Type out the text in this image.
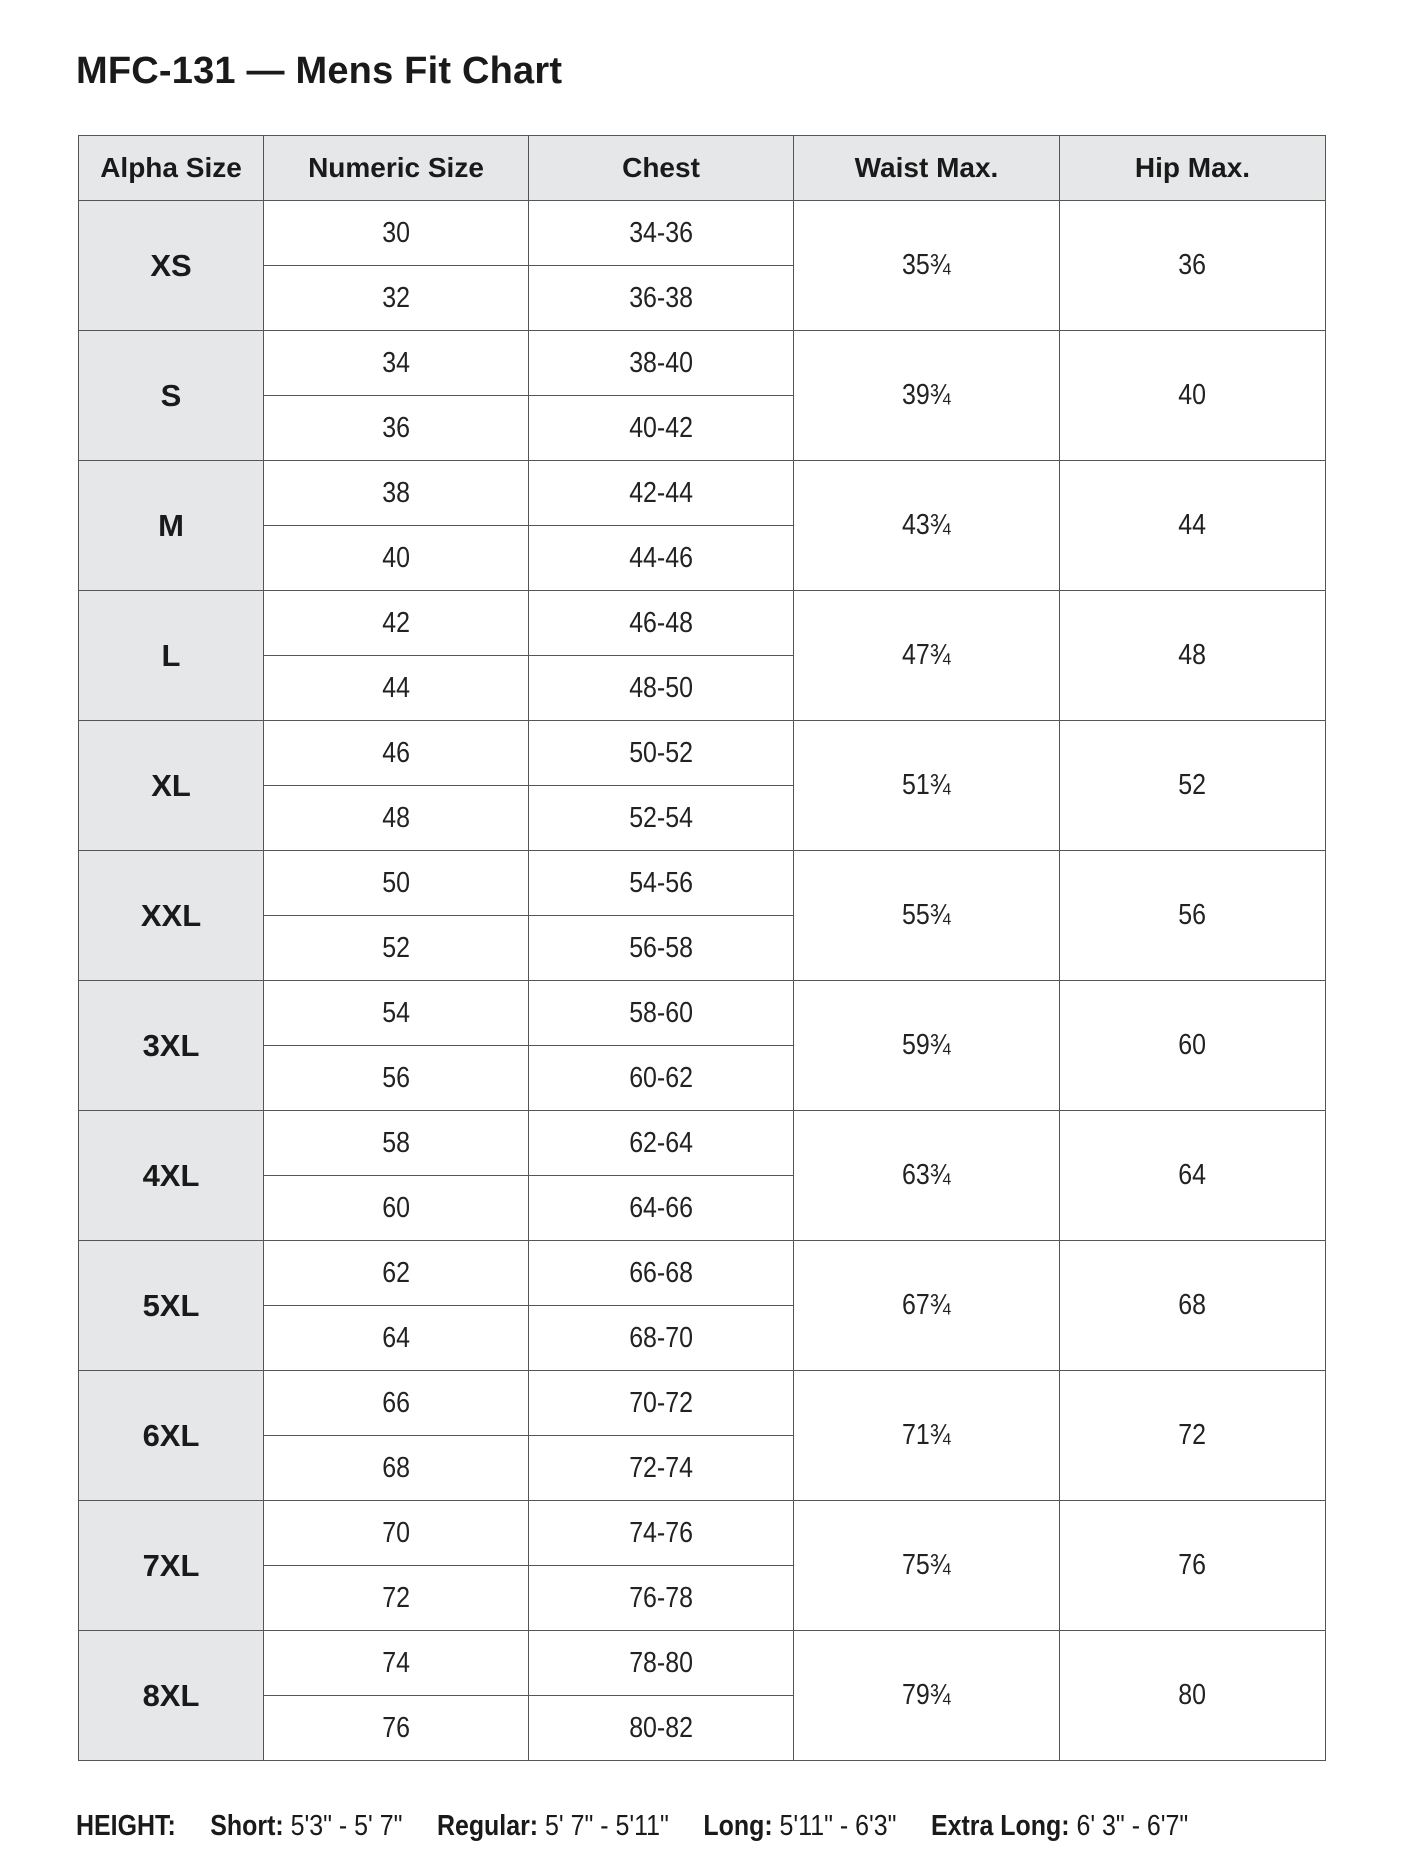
MFC-131 — Mens Fit Chart
Alpha Size	Numeric Size	Chest	Waist Max.	Hip Max.
XS	30	34-36	35¾	36
	32	36-38		
S	34	38-40	39¾	40
	36	40-42		
M	38	42-44	43¾	44
	40	44-46		
L	42	46-48	47¾	48
	44	48-50		
XL	46	50-52	51¾	52
	48	52-54		
XXL	50	54-56	55¾	56
	52	56-58		
3XL	54	58-60	59¾	60
	56	60-62		
4XL	58	62-64	63¾	64
	60	64-66		
5XL	62	66-68	67¾	68
	64	68-70		
6XL	66	70-72	71¾	72
	68	72-74		
7XL	70	74-76	75¾	76
	72	76-78		
8XL	74	78-80	79¾	80
	76	80-82		
HEIGHT: Short: 5'3" - 5' 7" Regular: 5' 7" - 5'11" Long: 5'11" - 6'3" Extra Long: 6' 3" - 6'7"
